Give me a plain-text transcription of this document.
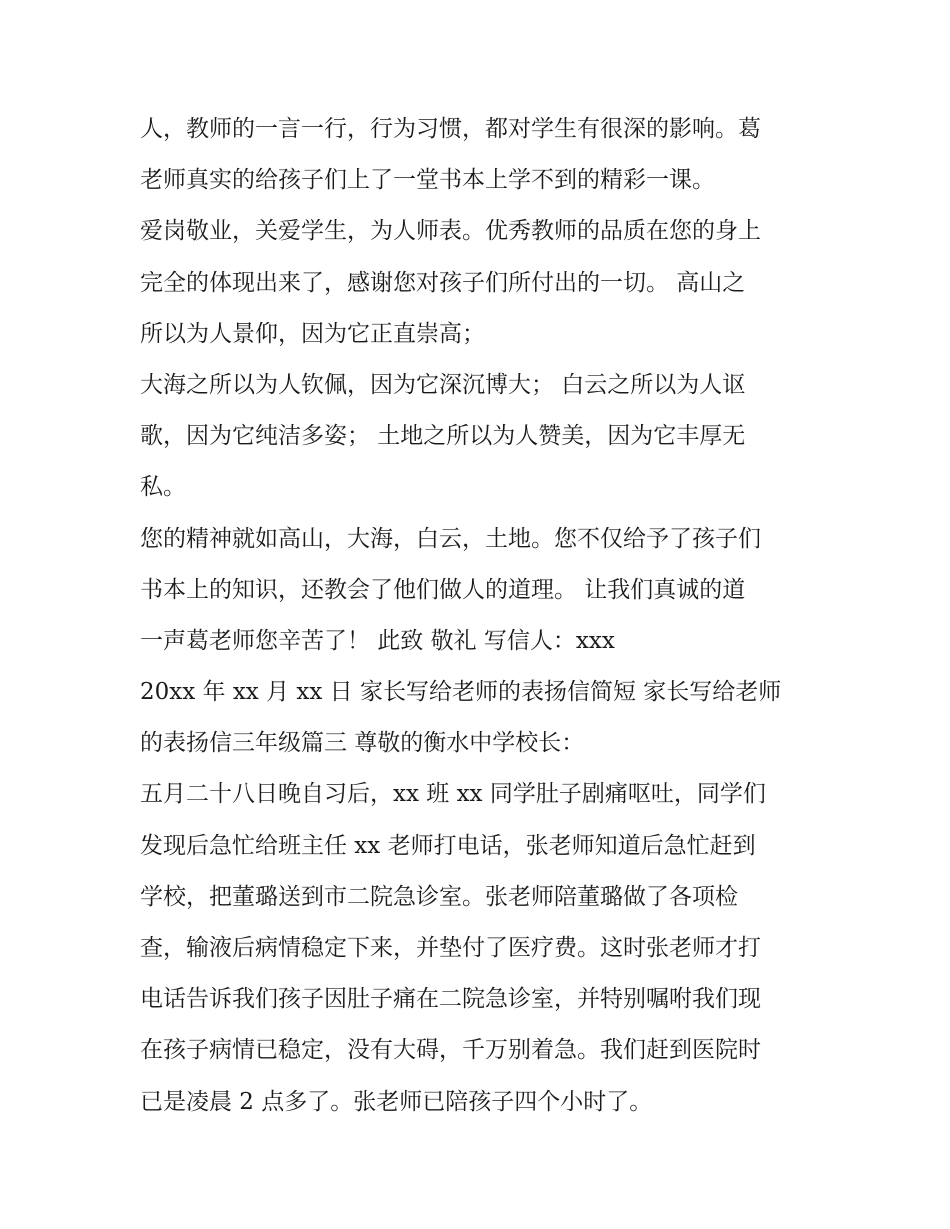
人，教师的一言一行，行为习惯，都对学生有很深的影响。葛
老师真实的给孩子们上了一堂书本上学不到的精彩一课。
爱岗敬业，关爱学生，为人师表。优秀教师的品质在您的身上
完全的体现出来了，感谢您对孩子们所付出的一切。 高山之
所以为人景仰，因为它正直崇高；
大海之所以为人钦佩，因为它深沉博大； 白云之所以为人讴
歌，因为它纯洁多姿； 土地之所以为人赞美，因为它丰厚无
私。
您的精神就如高山，大海，白云，土地。您不仅给予了孩子们
书本上的知识，还教会了他们做人的道理。 让我们真诚的道
一声葛老师您辛苦了！ 此致 敬礼 写信人：xxx
20xx 年 xx 月 xx 日 家长写给老师的表扬信简短 家长写给老师
的表扬信三年级篇三 尊敬的衡水中学校长：
五月二十八日晚自习后，xx 班 xx 同学肚子剧痛呕吐，同学们
发现后急忙给班主任 xx 老师打电话，张老师知道后急忙赶到
学校，把董璐送到市二院急诊室。张老师陪董璐做了各项检
查，输液后病情稳定下来，并垫付了医疗费。这时张老师才打
电话告诉我们孩子因肚子痛在二院急诊室，并特别嘱咐我们现
在孩子病情已稳定，没有大碍，千万别着急。我们赶到医院时
已是凌晨 2 点多了。张老师已陪孩子四个小时了。
